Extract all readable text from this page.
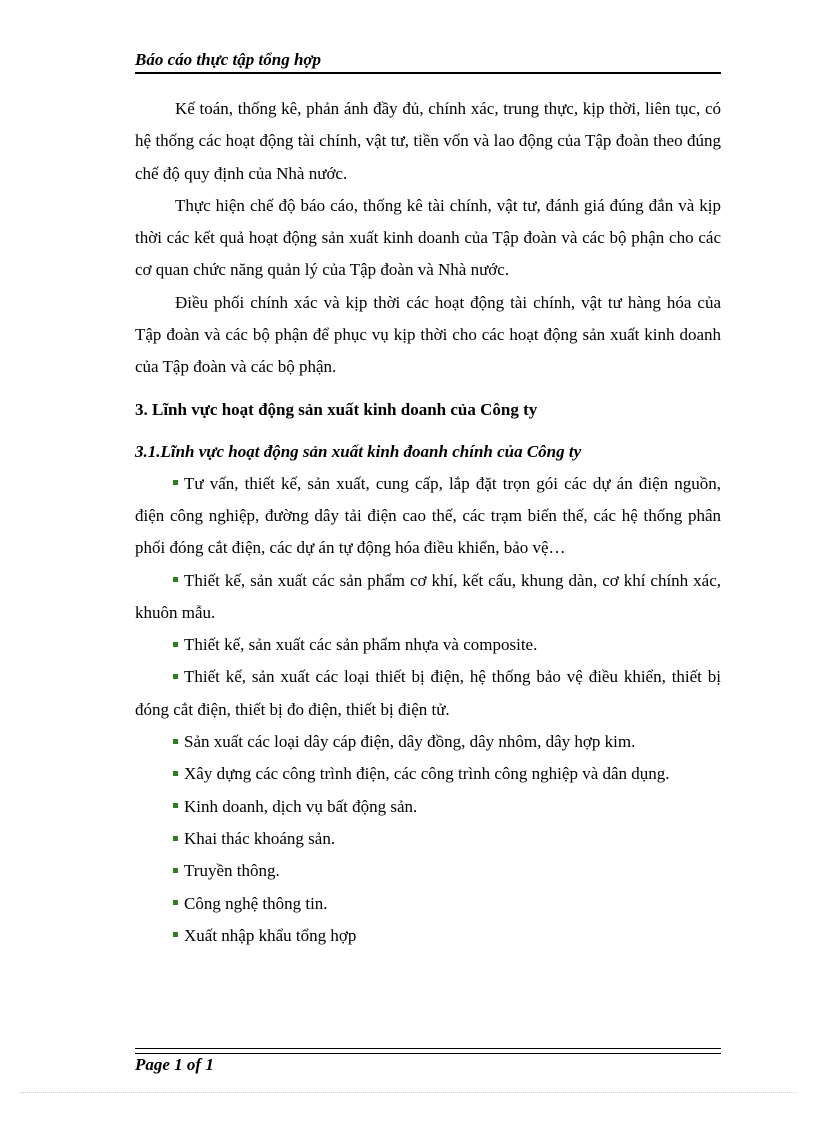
Báo cáo thực tập tổng hợp

Kế toán, thống kê, phản ánh đầy đủ, chính xác, trung thực, kịp thời, liên tục, có hệ thống các hoạt động tài chính, vật tư, tiền vốn và lao động của Tập đoàn theo đúng chế độ quy định của Nhà nước.

Thực hiện chế độ báo cáo, thống kê tài chính, vật tư, đánh giá đúng đắn và kịp thời các kết quả hoạt động sản xuất kinh doanh của Tập đoàn và các bộ phận cho các cơ quan chức năng quản lý của Tập đoàn và Nhà nước.

Điều phối chính xác và kịp thời các hoạt động tài chính, vật tư hàng hóa của Tập đoàn và các bộ phận để phục vụ kịp thời cho các hoạt động sản xuất kinh doanh của Tập đoàn và các bộ phận.

3. Lĩnh vực hoạt động sản xuất kinh doanh của Công ty
3.1.Lĩnh vực hoạt động sản xuất kinh đoanh chính của Công ty

Tư vấn, thiết kế, sản xuất, cung cấp, lắp đặt trọn gói các dự án điện nguồn, điện công nghiệp, đường dây tải điện cao thế, các trạm biến thế, các hệ thống phân phối đóng cắt điện, các dự án tự động hóa điều khiển, bảo vệ…

Thiết kế, sản xuất các sản phẩm cơ khí, kết cấu, khung dàn, cơ khí chính xác, khuôn mẫu.

Thiết kế, sản xuất các sản phẩm nhựa và composite.

Thiết kế, sản xuất các loại thiết bị điện, hệ thống bảo vệ điều khiển, thiết bị đóng cắt điện, thiết bị đo điện, thiết bị điện tử.

Sản xuất các loại dây cáp điện, dây đồng, dây nhôm, dây hợp kim.

Xây dựng các công trình điện, các công trình công nghiệp và dân dụng.

Kinh doanh, dịch vụ bất động sản.

Khai thác khoáng sản.

Truyền thông.

Công nghệ thông tin.

Xuất nhập khẩu tổng hợp

Page 1 of 1
